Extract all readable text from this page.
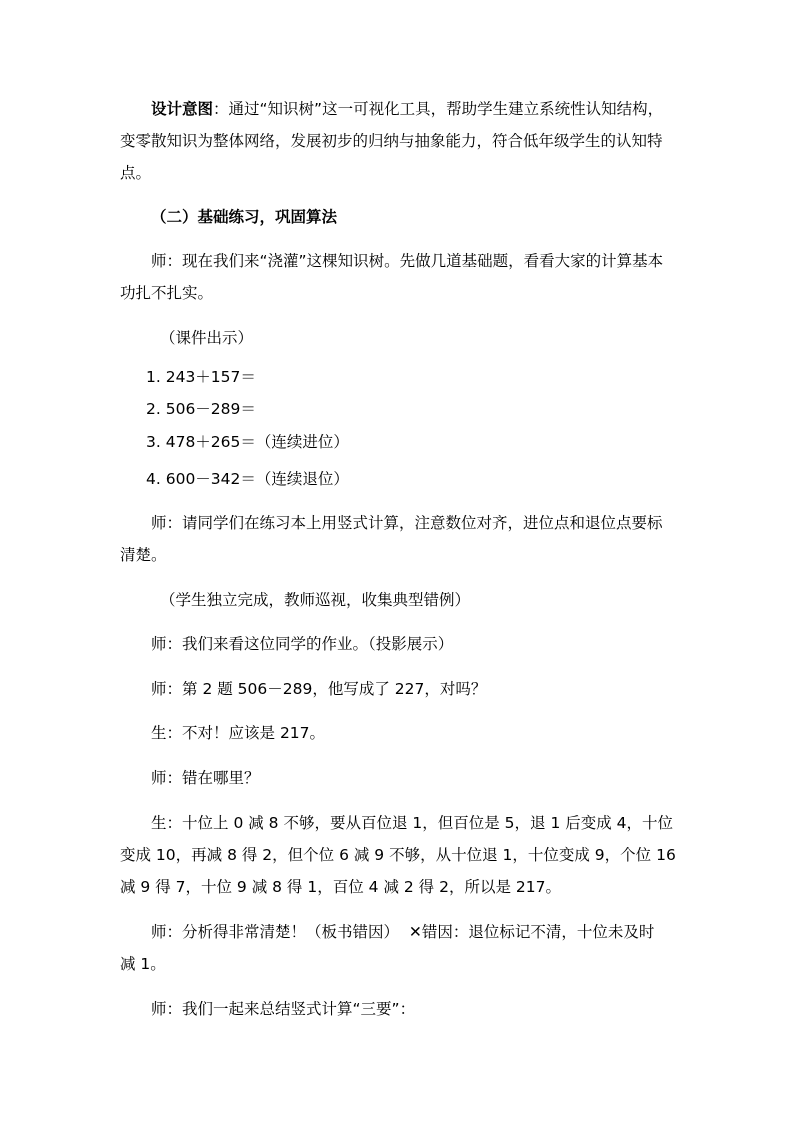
设计意图：通过“知识树”这一可视化工具，帮助学生建立系统性认知结构，
变零散知识为整体网络，发展初步的归纳与抽象能力，符合低年级学生的认知特
点。
（二）基础练习，巩固算法
师：现在我们来“浇灌”这棵知识树。先做几道基础题，看看大家的计算基本
功扎不扎实。
（课件出示）
1. 243＋157＝
2. 506－289＝
3. 478＋265＝（连续进位）
4. 600－342＝（连续退位）
师：请同学们在练习本上用竖式计算，注意数位对齐，进位点和退位点要标
清楚。
（学生独立完成，教师巡视，收集典型错例）
师：我们来看这位同学的作业。（投影展示）
师：第 2 题 506－289，他写成了 227，对吗？
生：不对！应该是 217。
师：错在哪里？
生：十位上 0 减 8 不够，要从百位退 1，但百位是 5，退 1 后变成 4，十位
变成 10，再减 8 得 2，但个位 6 减 9 不够，从十位退 1，十位变成 9，个位 16
减 9 得 7，十位 9 减 8 得 1，百位 4 减 2 得 2，所以是 217。
师：分析得非常清楚！（板书错因） ✕错因：退位标记不清，十位未及时
减 1。
师：我们一起来总结竖式计算“三要”：
